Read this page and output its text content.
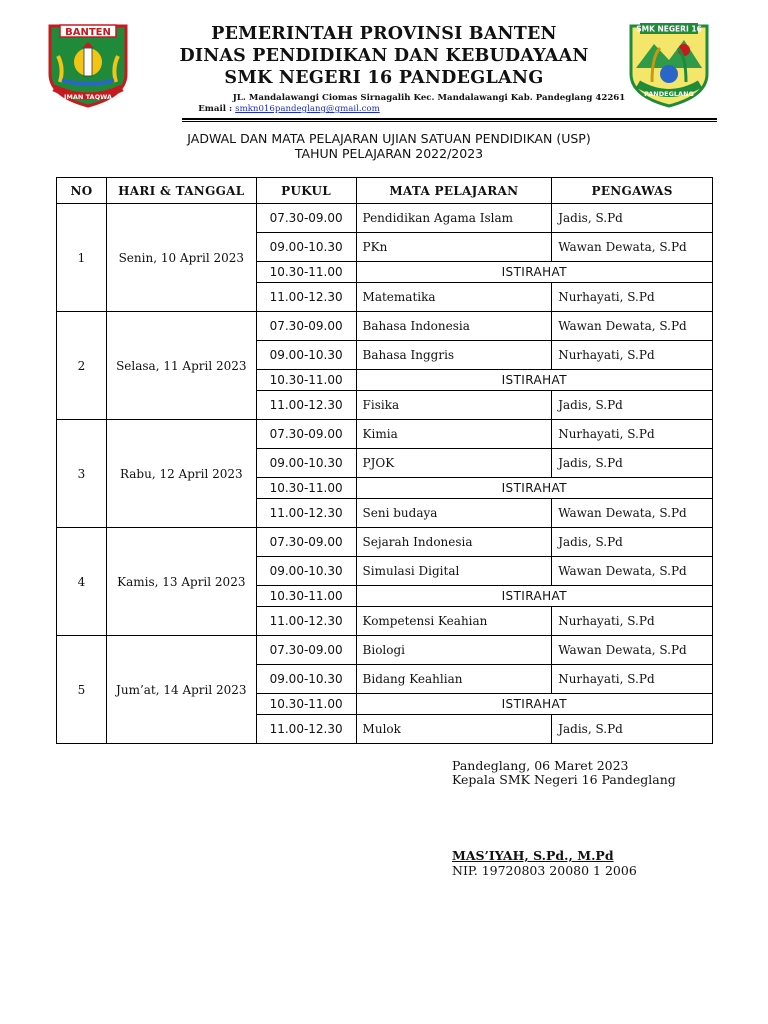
BANTEN
IMAN TAQWA
SMK NEGERI 16
PANDEGLANG
PEMERINTAH PROVINSI BANTEN
DINAS PENDIDIKAN DAN KEBUDAYAAN
SMK NEGERI 16 PANDEGLANG
JL. Mandalawangi Ciomas Sirnagalih Kec. Mandalawangi Kab. Pandeglang 42261
Email : smkn016pandeglang@gmail.com
JADWAL DAN MATA PELAJARAN UJIAN SATUAN PENDIDIKAN (USP)
TAHUN PELAJARAN 2022/2023
NO	HARI & TANGGAL	PUKUL	MATA PELAJARAN	PENGAWAS
1	Senin, 10 April 2023	07.30-09.00	Pendidikan Agama Islam	Jadis, S.Pd
		09.00-10.30	PKn	Wawan Dewata, S.Pd
		10.30-11.00	ISTIRAHAT	
		11.00-12.30	Matematika	Nurhayati, S.Pd
2	Selasa, 11 April 2023	07.30-09.00	Bahasa Indonesia	Wawan Dewata, S.Pd
		09.00-10.30	Bahasa Inggris	Nurhayati, S.Pd
		10.30-11.00	ISTIRAHAT	
		11.00-12.30	Fisika	Jadis, S.Pd
3	Rabu, 12 April 2023	07.30-09.00	Kimia	Nurhayati, S.Pd
		09.00-10.30	PJOK	Jadis, S.Pd
		10.30-11.00	ISTIRAHAT	
		11.00-12.30	Seni budaya	Wawan Dewata, S.Pd
4	Kamis, 13 April 2023	07.30-09.00	Sejarah Indonesia	Jadis, S.Pd
		09.00-10.30	Simulasi Digital	Wawan Dewata, S.Pd
		10.30-11.00	ISTIRAHAT	
		11.00-12.30	Kompetensi Keahian	Nurhayati, S.Pd
5	Jum’at, 14 April 2023	07.30-09.00	Biologi	Wawan Dewata, S.Pd
		09.00-10.30	Bidang Keahlian	Nurhayati, S.Pd
		10.30-11.00	ISTIRAHAT	
		11.00-12.30	Mulok	Jadis, S.Pd
Pandeglang, 06 Maret 2023
Kepala SMK Negeri 16 Pandeglang
MAS’IYAH, S.Pd., M.Pd
NIP. 19720803 20080 1 2006
